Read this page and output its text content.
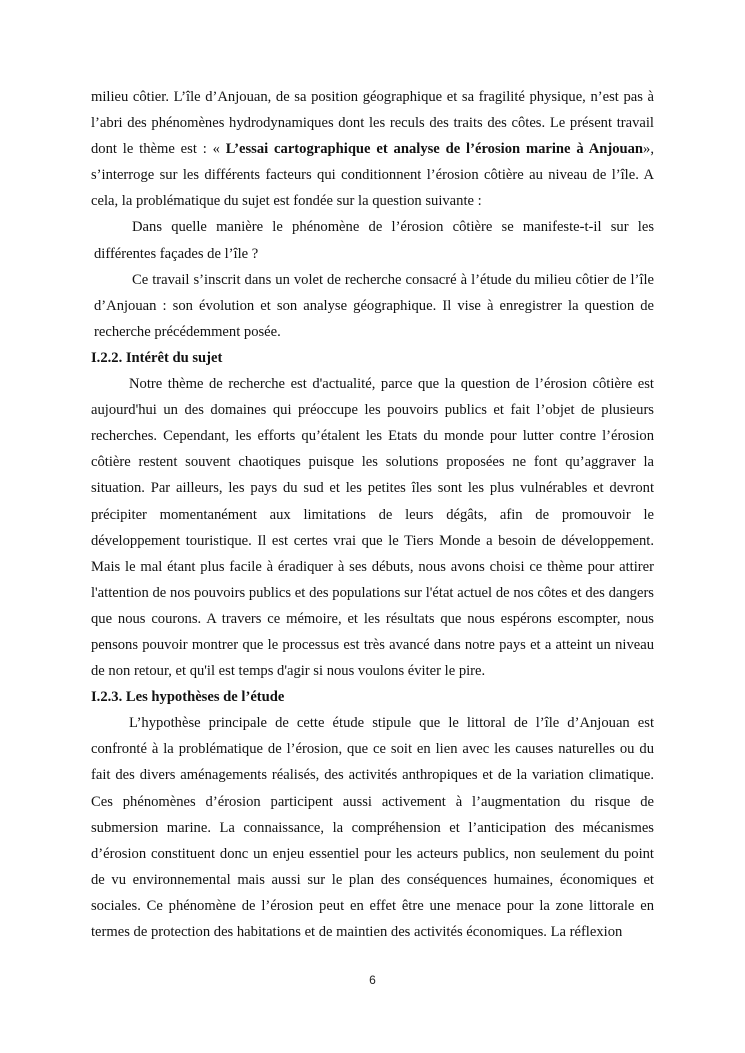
milieu côtier. L’île d’Anjouan, de sa position géographique et sa fragilité physique, n’est pas à l’abri des phénomènes hydrodynamiques dont les reculs des traits des côtes. Le présent travail dont le thème est : « L’essai cartographique et analyse de l’érosion marine à Anjouan», s’interroge sur les différents facteurs qui conditionnent l’érosion côtière au niveau de l’île. A cela, la problématique du sujet est fondée sur la question suivante :

Dans quelle manière le phénomène de l’érosion côtière se manifeste-t-il sur les différentes façades de l’île ?

Ce travail s’inscrit dans un volet de recherche consacré à l’étude du milieu côtier de l’île d’Anjouan : son évolution et son analyse géographique. Il vise à enregistrer la question de recherche précédemment posée.

I.2.2. Intérêt du sujet

Notre thème de recherche est d'actualité, parce que la question de l’érosion côtière est aujourd'hui un des domaines qui préoccupe les pouvoirs publics et fait l’objet de plusieurs recherches. Cependant, les efforts qu’étalent les Etats du monde pour lutter contre l’érosion côtière restent souvent chaotiques puisque les solutions proposées ne font qu’aggraver la situation. Par ailleurs, les pays du sud et les petites îles sont les plus vulnérables et devront précipiter momentanément aux limitations de leurs dégâts, afin de promouvoir le développement touristique. Il est certes vrai que le Tiers Monde a besoin de développement. Mais le mal étant plus facile à éradiquer à ses débuts, nous avons choisi ce thème pour attirer l'attention de nos pouvoirs publics et des populations sur l'état actuel de nos côtes et des dangers que nous courons. A travers ce mémoire, et les résultats que nous espérons escompter, nous pensons pouvoir montrer que le processus est très avancé dans notre pays et a atteint un niveau de non retour, et qu'il est temps d'agir si nous voulons éviter le pire.

I.2.3. Les hypothèses de l’étude

L’hypothèse principale de cette étude stipule que le littoral de l’île d’Anjouan est confronté à la problématique de l’érosion, que ce soit en lien avec les causes naturelles ou du fait des divers aménagements réalisés, des activités anthropiques et de la variation climatique. Ces phénomènes d’érosion participent aussi activement à l’augmentation du risque de submersion marine. La connaissance, la compréhension et l’anticipation des mécanismes d’érosion constituent donc un enjeu essentiel pour les acteurs publics, non seulement du point de vu environnemental mais aussi sur le plan des conséquences humaines, économiques et sociales. Ce phénomène de l’érosion peut en effet être une menace pour la zone littorale en termes de protection des habitations et de maintien des activités économiques. La réflexion

6
